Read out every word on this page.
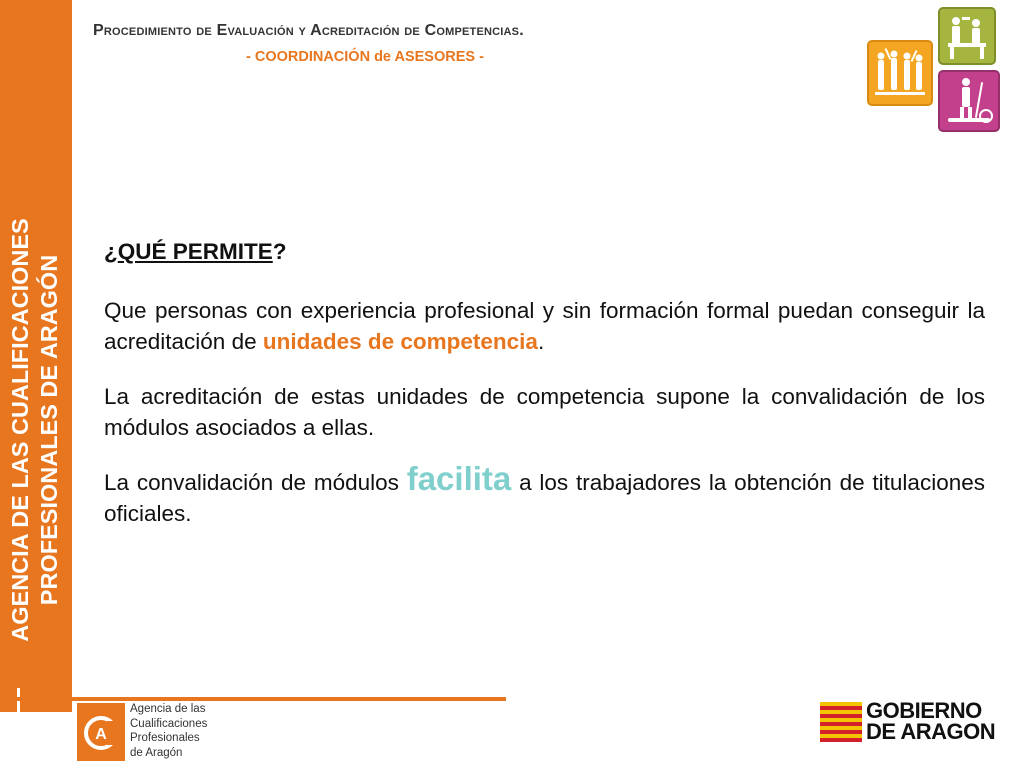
AGENCIA DE LAS CUALIFICACIONES PROFESIONALES DE ARAGÓN
Procedimiento de Evaluación y Acreditación de Competencias.
- COORDINACIÓN de ASESORES -
¿QUÉ PERMITE?
Que personas con experiencia profesional y sin formación formal puedan conseguir la acreditación de unidades de competencia.
La acreditación de estas unidades de competencia supone la convalidación de los módulos asociados a ellas.
La convalidación de módulos facilita a los trabajadores la obtención de titulaciones oficiales.
A
Agencia de las
Cualificaciones
Profesionales
de Aragón
GOBIERNO
DE ARAGON
